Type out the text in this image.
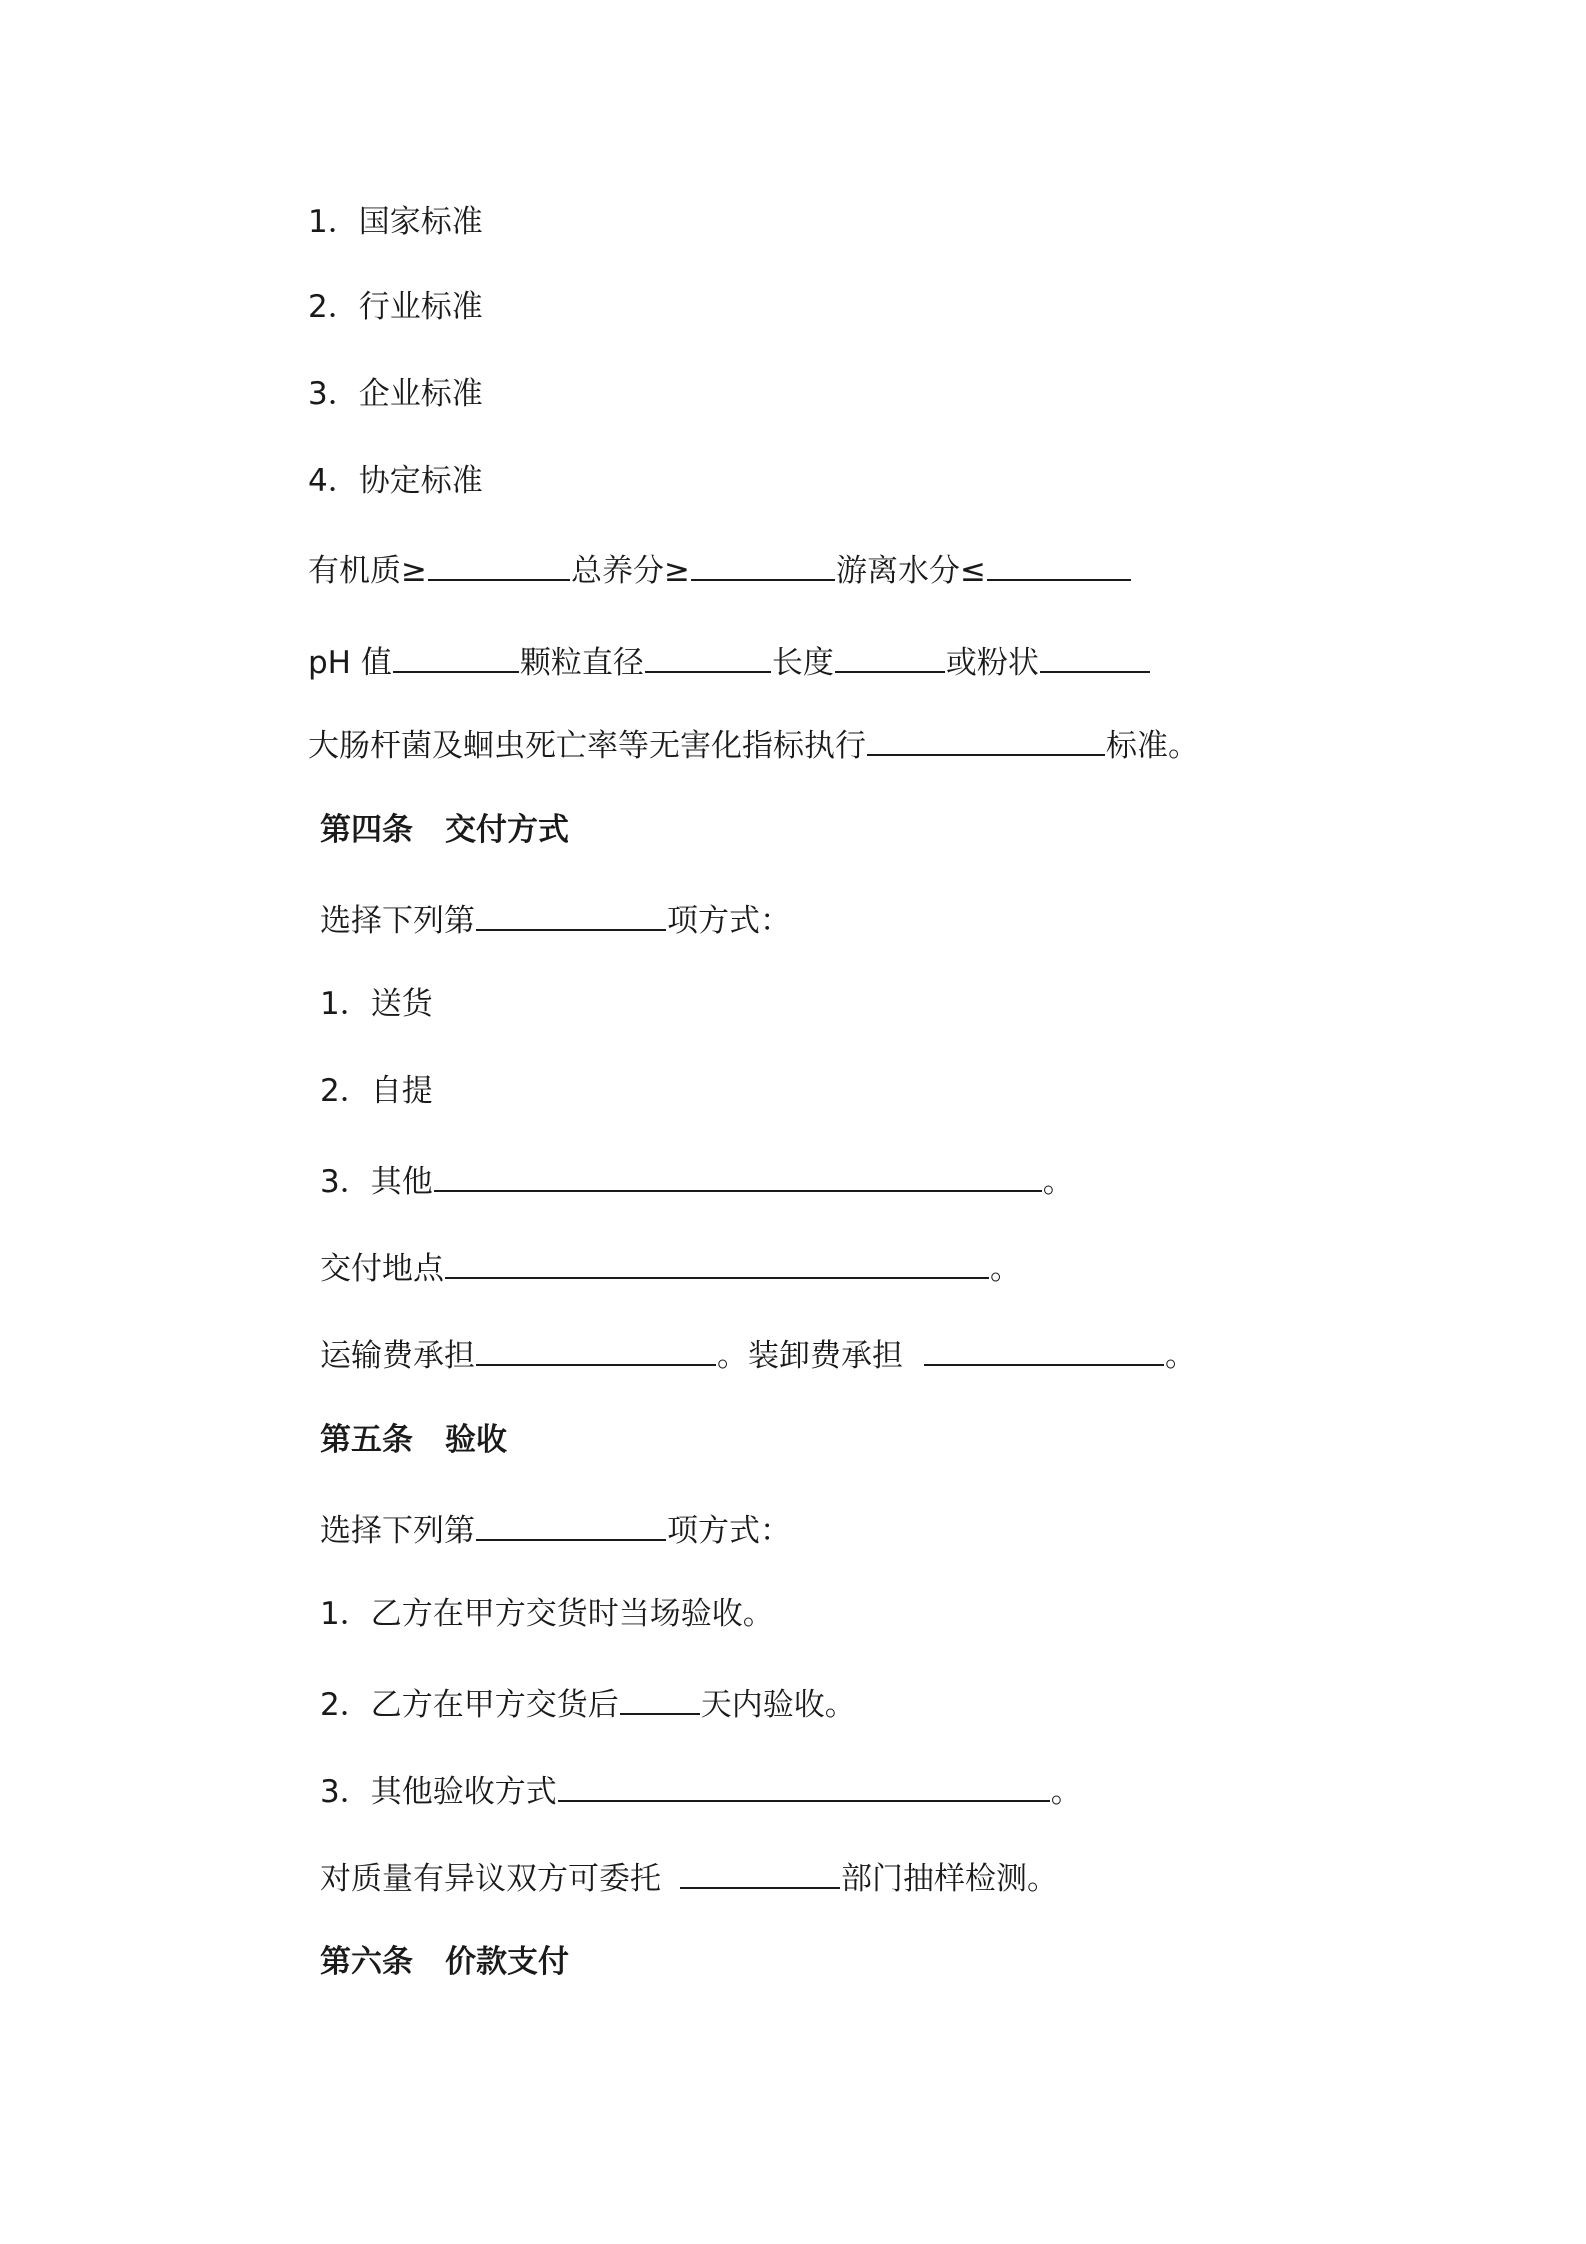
1．国家标准
2．行业标准
3．企业标准
4．协定标准
有机质≥	总养分≥	游离水分≤
pH 值	颗粒直径	长度	或粉状
大肠杆菌及蛔虫死亡率等无害化指标执行	标准。
第四条 交付方式
选择下列第	项方式：
1．送货
2．自提
3．其他	。
交付地点	。
运输费承担	。装卸费承担	。
第五条 验收
选择下列第	项方式：
1．乙方在甲方交货时当场验收。
2．乙方在甲方交货后	天内验收。
3．其他验收方式	。
对质量有异议双方可委托	部门抽样检测。
第六条 价款支付
